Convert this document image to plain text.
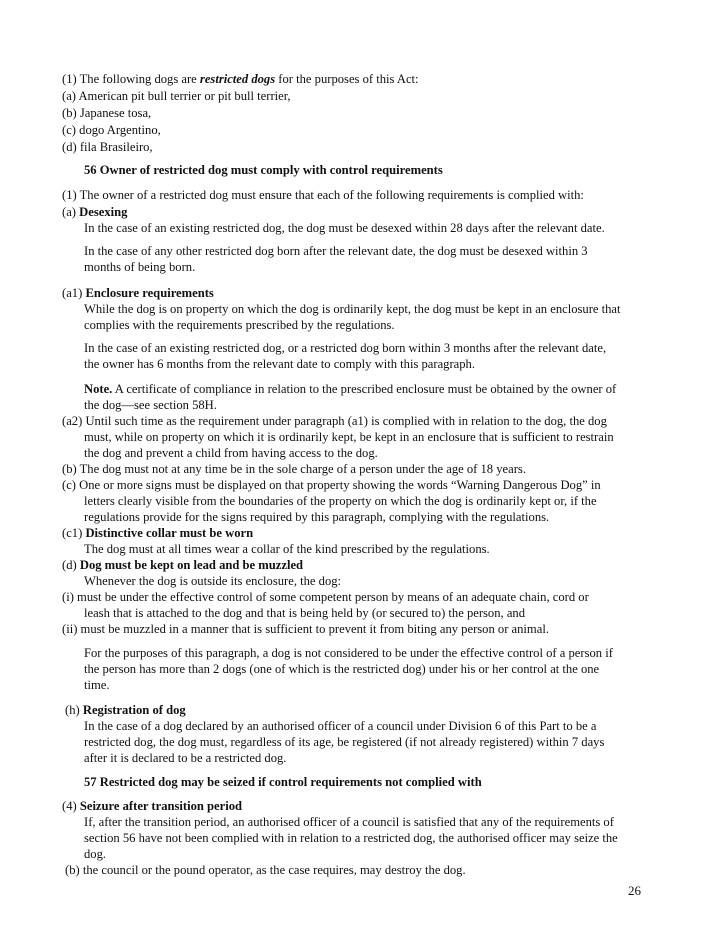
(1) The following dogs are restricted dogs for the purposes of this Act:
(a) American pit bull terrier or pit bull terrier,
(b) Japanese tosa,
(c) dogo Argentino,
(d) fila Brasileiro,
56 Owner of restricted dog must comply with control requirements
(1) The owner of a restricted dog must ensure that each of the following requirements is complied with:
(a) Desexing
In the case of an existing restricted dog, the dog must be desexed within 28 days after the relevant date.
In the case of any other restricted dog born after the relevant date, the dog must be desexed within 3
months of being born.
(a1) Enclosure requirements
While the dog is on property on which the dog is ordinarily kept, the dog must be kept in an enclosure that
complies with the requirements prescribed by the regulations.
In the case of an existing restricted dog, or a restricted dog born within 3 months after the relevant date,
the owner has 6 months from the relevant date to comply with this paragraph.
Note. A certificate of compliance in relation to the prescribed enclosure must be obtained by the owner of
the dog—see section 58H.
(a2) Until such time as the requirement under paragraph (a1) is complied with in relation to the dog, the dog
must, while on property on which it is ordinarily kept, be kept in an enclosure that is sufficient to restrain
the dog and prevent a child from having access to the dog.
(b) The dog must not at any time be in the sole charge of a person under the age of 18 years.
(c) One or more signs must be displayed on that property showing the words “Warning Dangerous Dog” in
letters clearly visible from the boundaries of the property on which the dog is ordinarily kept or, if the
regulations provide for the signs required by this paragraph, complying with the regulations.
(c1) Distinctive collar must be worn
The dog must at all times wear a collar of the kind prescribed by the regulations.
(d) Dog must be kept on lead and be muzzled
Whenever the dog is outside its enclosure, the dog:
(i) must be under the effective control of some competent person by means of an adequate chain, cord or
leash that is attached to the dog and that is being held by (or secured to) the person, and
(ii) must be muzzled in a manner that is sufficient to prevent it from biting any person or animal.
For the purposes of this paragraph, a dog is not considered to be under the effective control of a person if
the person has more than 2 dogs (one of which is the restricted dog) under his or her control at the one
time.
(h) Registration of dog
In the case of a dog declared by an authorised officer of a council under Division 6 of this Part to be a
restricted dog, the dog must, regardless of its age, be registered (if not already registered) within 7 days
after it is declared to be a restricted dog.
57 Restricted dog may be seized if control requirements not complied with
(4) Seizure after transition period
If, after the transition period, an authorised officer of a council is satisfied that any of the requirements of
section 56 have not been complied with in relation to a restricted dog, the authorised officer may seize the
dog.
(b) the council or the pound operator, as the case requires, may destroy the dog.
26
